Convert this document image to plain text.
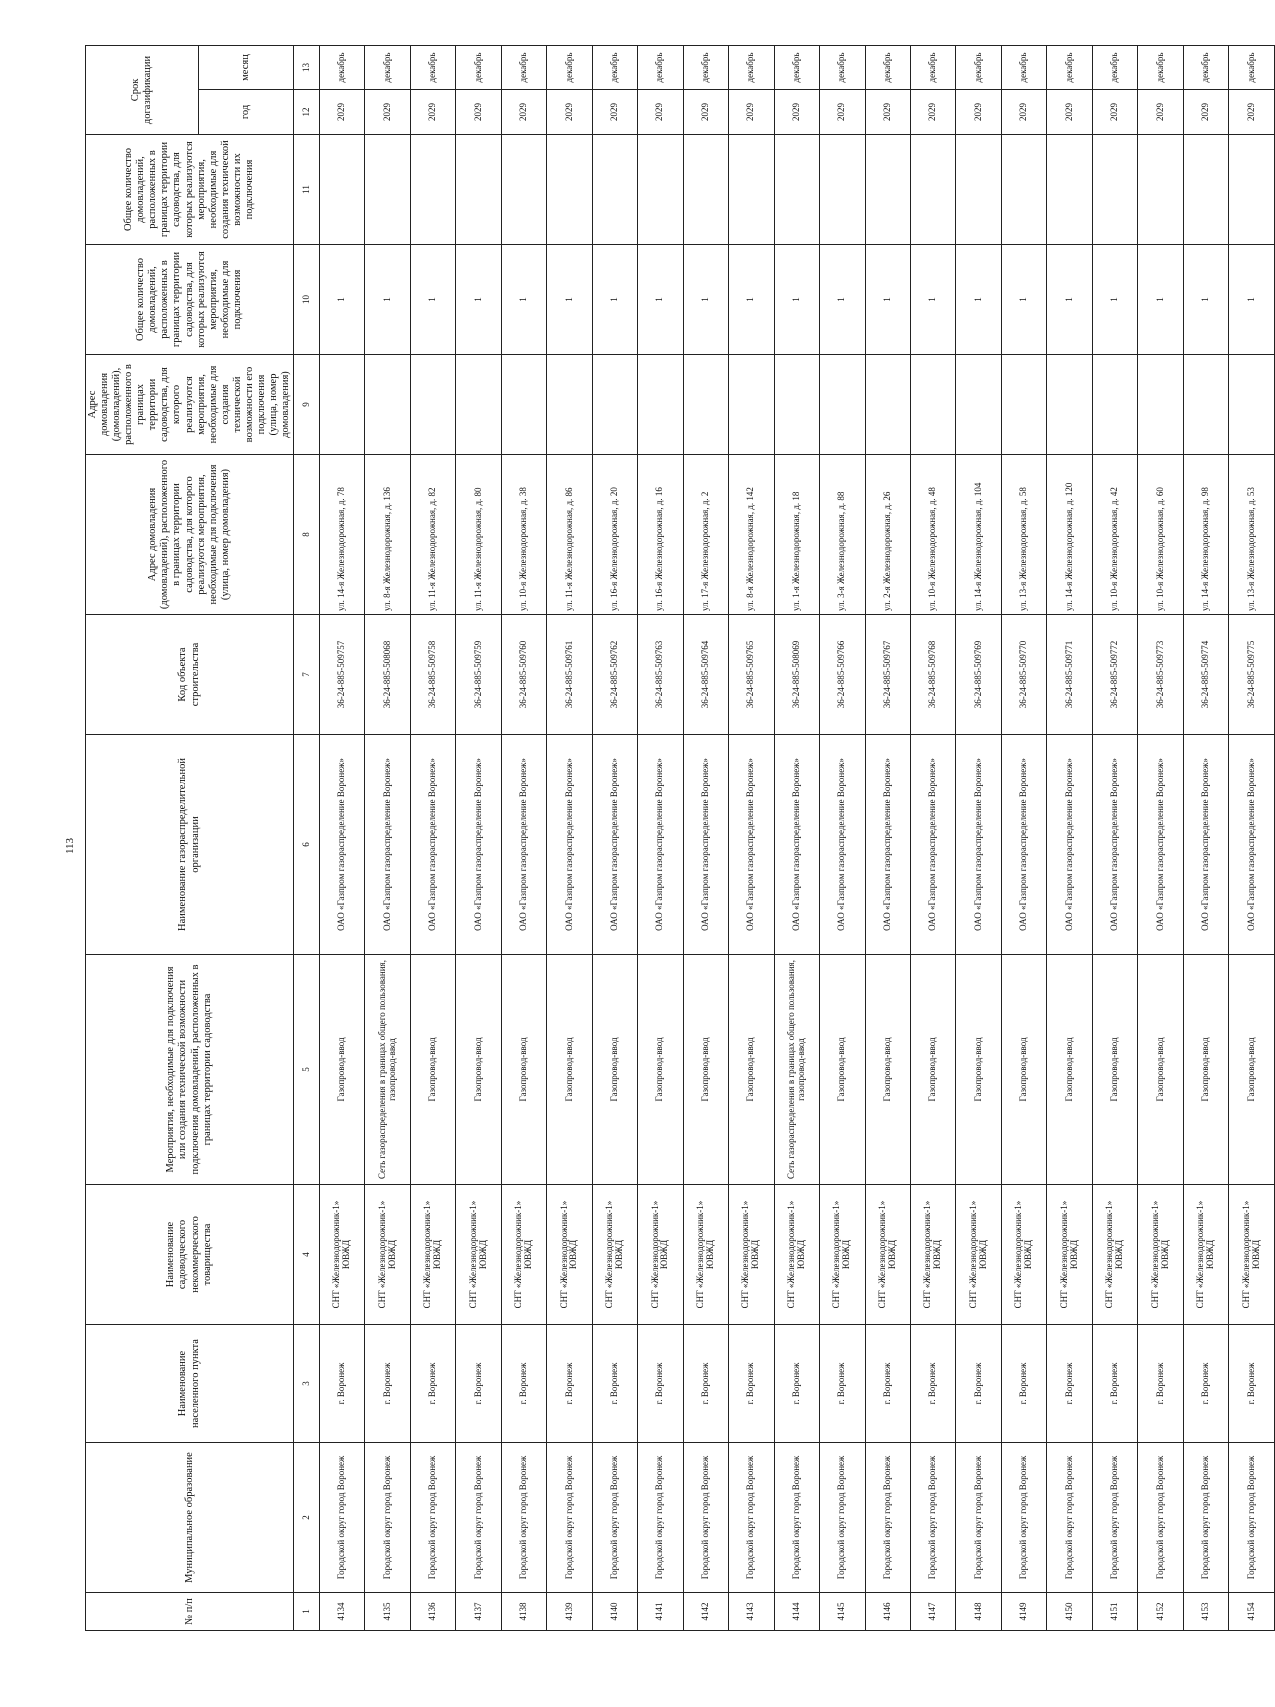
113
№ п/п	Муниципальное образование	Наименование населенного пункта	Наименование садоводческого некоммерческого товарищества	Мероприятия, необходимые для подключения или создания технической возможности подключения домовладений, расположенных в границах территории садоводства	Наименование газораспределительной организации	Код объекта строительства	Адрес домовладения (домовладений), расположенного в границах территории садоводства, для которого реализуются мероприятия, необходимые для подключения (улица, номер домовладения)	Адрес домовладения (домовладений), расположенного в границах территории садоводства, для которого реализуются мероприятия, необходимые для создания технической возможности его подключения (улица, номер домовладения)	Общее количество домовладений, расположенных в границах территории садоводства, для которых реализуются мероприятия, необходимые для подключения	Общее количество домовладений, расположенных в границах территории садоводства, для которых реализуются мероприятия, необходимые для создания технической возможности их подключения	Срок догазификации	
											год	месяц
1	2	3	4	5	6	7	8	9	10	11	12	13
4134	Городской округ город Воронеж	г. Воронеж	СНТ «Железнодорожник-1» ЮВЖД	Газопровод-ввод	ОАО «Газпром газораспределение Воронеж»	36-24-885-509757	ул. 14-я Железнодорожная, д. 78		1		2029	декабрь
4135	Городской округ город Воронеж	г. Воронеж	СНТ «Железнодорожник-1» ЮВЖД	Сеть газораспределения в границах общего пользования, газопровод-ввод	ОАО «Газпром газораспределение Воронеж»	36-24-885-508068	ул. 8-я Железнодорожная, д. 136		1		2029	декабрь
4136	Городской округ город Воронеж	г. Воронеж	СНТ «Железнодорожник-1» ЮВЖД	Газопровод-ввод	ОАО «Газпром газораспределение Воронеж»	36-24-885-509758	ул. 11-я Железнодорожная, д. 82		1		2029	декабрь
4137	Городской округ город Воронеж	г. Воронеж	СНТ «Железнодорожник-1» ЮВЖД	Газопровод-ввод	ОАО «Газпром газораспределение Воронеж»	36-24-885-509759	ул. 11-я Железнодорожная, д. 80		1		2029	декабрь
4138	Городской округ город Воронеж	г. Воронеж	СНТ «Железнодорожник-1» ЮВЖД	Газопровод-ввод	ОАО «Газпром газораспределение Воронеж»	36-24-885-509760	ул. 10-я Железнодорожная, д. 38		1		2029	декабрь
4139	Городской округ город Воронеж	г. Воронеж	СНТ «Железнодорожник-1» ЮВЖД	Газопровод-ввод	ОАО «Газпром газораспределение Воронеж»	36-24-885-509761	ул. 11-я Железнодорожная, д. 86		1		2029	декабрь
4140	Городской округ город Воронеж	г. Воронеж	СНТ «Железнодорожник-1» ЮВЖД	Газопровод-ввод	ОАО «Газпром газораспределение Воронеж»	36-24-885-509762	ул. 16-я Железнодорожная, д. 20		1		2029	декабрь
4141	Городской округ город Воронеж	г. Воронеж	СНТ «Железнодорожник-1» ЮВЖД	Газопровод-ввод	ОАО «Газпром газораспределение Воронеж»	36-24-885-509763	ул. 16-я Железнодорожная, д. 16		1		2029	декабрь
4142	Городской округ город Воронеж	г. Воронеж	СНТ «Железнодорожник-1» ЮВЖД	Газопровод-ввод	ОАО «Газпром газораспределение Воронеж»	36-24-885-509764	ул. 17-я Железнодорожная, д. 2		1		2029	декабрь
4143	Городской округ город Воронеж	г. Воронеж	СНТ «Железнодорожник-1» ЮВЖД	Газопровод-ввод	ОАО «Газпром газораспределение Воронеж»	36-24-885-509765	ул. 8-я Железнодорожная, д. 142		1		2029	декабрь
4144	Городской округ город Воронеж	г. Воронеж	СНТ «Железнодорожник-1» ЮВЖД	Сеть газораспределения в границах общего пользования, газопровод-ввод	ОАО «Газпром газораспределение Воронеж»	36-24-885-508069	ул. 1-я Железнодорожная, д. 18		1		2029	декабрь
4145	Городской округ город Воронеж	г. Воронеж	СНТ «Железнодорожник-1» ЮВЖД	Газопровод-ввод	ОАО «Газпром газораспределение Воронеж»	36-24-885-509766	ул. 3-я Железнодорожная, д. 88		1		2029	декабрь
4146	Городской округ город Воронеж	г. Воронеж	СНТ «Железнодорожник-1» ЮВЖД	Газопровод-ввод	ОАО «Газпром газораспределение Воронеж»	36-24-885-509767	ул. 2-я Железнодорожная, д. 26		1		2029	декабрь
4147	Городской округ город Воронеж	г. Воронеж	СНТ «Железнодорожник-1» ЮВЖД	Газопровод-ввод	ОАО «Газпром газораспределение Воронеж»	36-24-885-509768	ул. 10-я Железнодорожная, д. 48		1		2029	декабрь
4148	Городской округ город Воронеж	г. Воронеж	СНТ «Железнодорожник-1» ЮВЖД	Газопровод-ввод	ОАО «Газпром газораспределение Воронеж»	36-24-885-509769	ул. 14-я Железнодорожная, д. 104		1		2029	декабрь
4149	Городской округ город Воронеж	г. Воронеж	СНТ «Железнодорожник-1» ЮВЖД	Газопровод-ввод	ОАО «Газпром газораспределение Воронеж»	36-24-885-509770	ул. 13-я Железнодорожная, д. 58		1		2029	декабрь
4150	Городской округ город Воронеж	г. Воронеж	СНТ «Железнодорожник-1» ЮВЖД	Газопровод-ввод	ОАО «Газпром газораспределение Воронеж»	36-24-885-509771	ул. 14-я Железнодорожная, д. 120		1		2029	декабрь
4151	Городской округ город Воронеж	г. Воронеж	СНТ «Железнодорожник-1» ЮВЖД	Газопровод-ввод	ОАО «Газпром газораспределение Воронеж»	36-24-885-509772	ул. 10-я Железнодорожная, д. 42		1		2029	декабрь
4152	Городской округ город Воронеж	г. Воронеж	СНТ «Железнодорожник-1» ЮВЖД	Газопровод-ввод	ОАО «Газпром газораспределение Воронеж»	36-24-885-509773	ул. 10-я Железнодорожная, д. 60		1		2029	декабрь
4153	Городской округ город Воронеж	г. Воронеж	СНТ «Железнодорожник-1» ЮВЖД	Газопровод-ввод	ОАО «Газпром газораспределение Воронеж»	36-24-885-509774	ул. 14-я Железнодорожная, д. 98		1		2029	декабрь
4154	Городской округ город Воронеж	г. Воронеж	СНТ «Железнодорожник-1» ЮВЖД	Газопровод-ввод	ОАО «Газпром газораспределение Воронеж»	36-24-885-509775	ул. 13-я Железнодорожная, д. 53		1		2029	декабрь
